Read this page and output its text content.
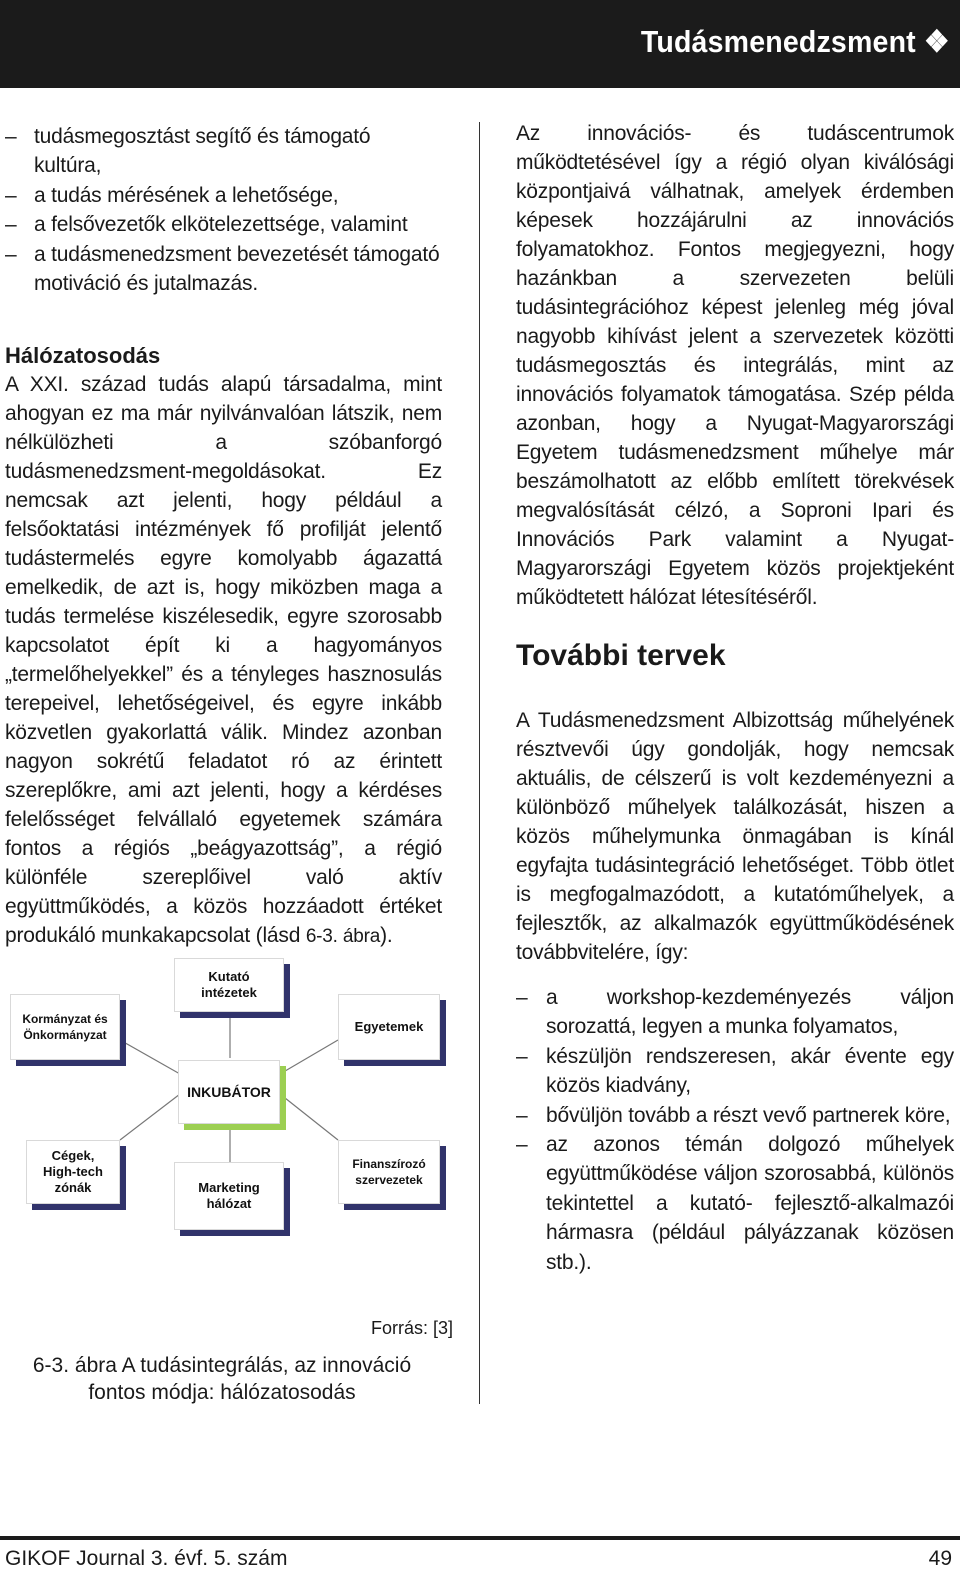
Tudásmenedzsment ❖
– tudásmegosztást segítő és támogató kultúra,
– a tudás mérésének a lehetősége,
– a felsővezetők elkötelezettsége, valamint
– a tudásmenedzsment bevezetését támogató motiváció és jutalmazás.
Hálózatosodás

A XXI. század tudás alapú társadalma, mint ahogyan ez ma már nyilvánvalóan látszik, nem nélkülözheti a szóbanforgó tudásmenedzsment-megoldásokat. Ez nemcsak azt jelenti, hogy például a felsőoktatási intézmények fő profilját jelentő tudástermelés egyre komolyabb ágazattá emelkedik, de azt is, hogy miközben maga a tudás termelése kiszélesedik, egyre szorosabb kapcsolatot épít ki a hagyományos „termelőhelyekkel” és a tényleges hasznosulás terepeivel, lehetőségeivel, és egyre inkább közvetlen gyakorlattá válik. Mindez azonban nagyon sokrétű feladatot ró az érintett szereplőkre, ami azt jelenti, hogy a kérdéses felelősséget felvállaló egyetemek számára fontos a régiós „beágyazottság”, a régió különféle szereplőivel való aktív együttműködés, a közös hozzáadott értéket produkáló munkakapcsolat (lásd 6-3. ábra).

Kutató
intézetek
Kormányzat és
Önkormányzat
Egyetemek
INKUBÁTOR
Cégek,
High-tech
zónák
Finanszírozó
szervezetek
Marketing
hálózat
Forrás: [3]
6-3. ábra A tudásintegrálás, az innováció fontos módja: hálózatosodás

Az innovációs- és tudáscentrumok működtetésével így a régió olyan kiválósági központjaivá válhatnak, amelyek érdemben képesek hozzájárulni az innovációs folyamatokhoz. Fontos megjegyezni, hogy hazánkban a szervezeten belüli tudásintegrációhoz képest jelenleg még jóval nagyobb kihívást jelent a szervezetek közötti tudásmegosztás és integrálás, mint az innovációs folyamatok támogatása. Szép példa azonban, hogy a Nyugat-Magyarországi Egyetem tudásmenedzsment műhelye már beszámolhatott az előbb említett törekvések megvalósítását célzó, a Soproni Ipari és Innovációs Park valamint a Nyugat-Magyarországi Egyetem közös projektjeként működtetett hálózat létesítéséről.

További tervek

A Tudásmenedzsment Albizottság műhelyének résztvevői úgy gondolják, hogy nemcsak aktuális, de célszerű is volt kezdeményezni a különböző műhelyek találkozását, hiszen a közös műhelymunka önmagában is kínál egyfajta tudásintegráció lehetőséget. Több ötlet is megfogalmazódott, a kutatóműhelyek, a fejlesztők, az alkalmazók együttműködésének továbbvitelére, így:

– a workshop-kezdeményezés váljon sorozattá, legyen a munka folyamatos,
– készüljön rendszeresen, akár évente egy közös kiadvány,
– bővüljön tovább a részt vevő partnerek köre,
– az azonos témán dolgozó műhelyek együttműködése váljon szorosabbá, különös tekintettel a kutató- fejlesztő-alkalmazói hármasra (például pályázzanak közösen stb.).
GIKOF Journal 3. évf. 5. szám	49
